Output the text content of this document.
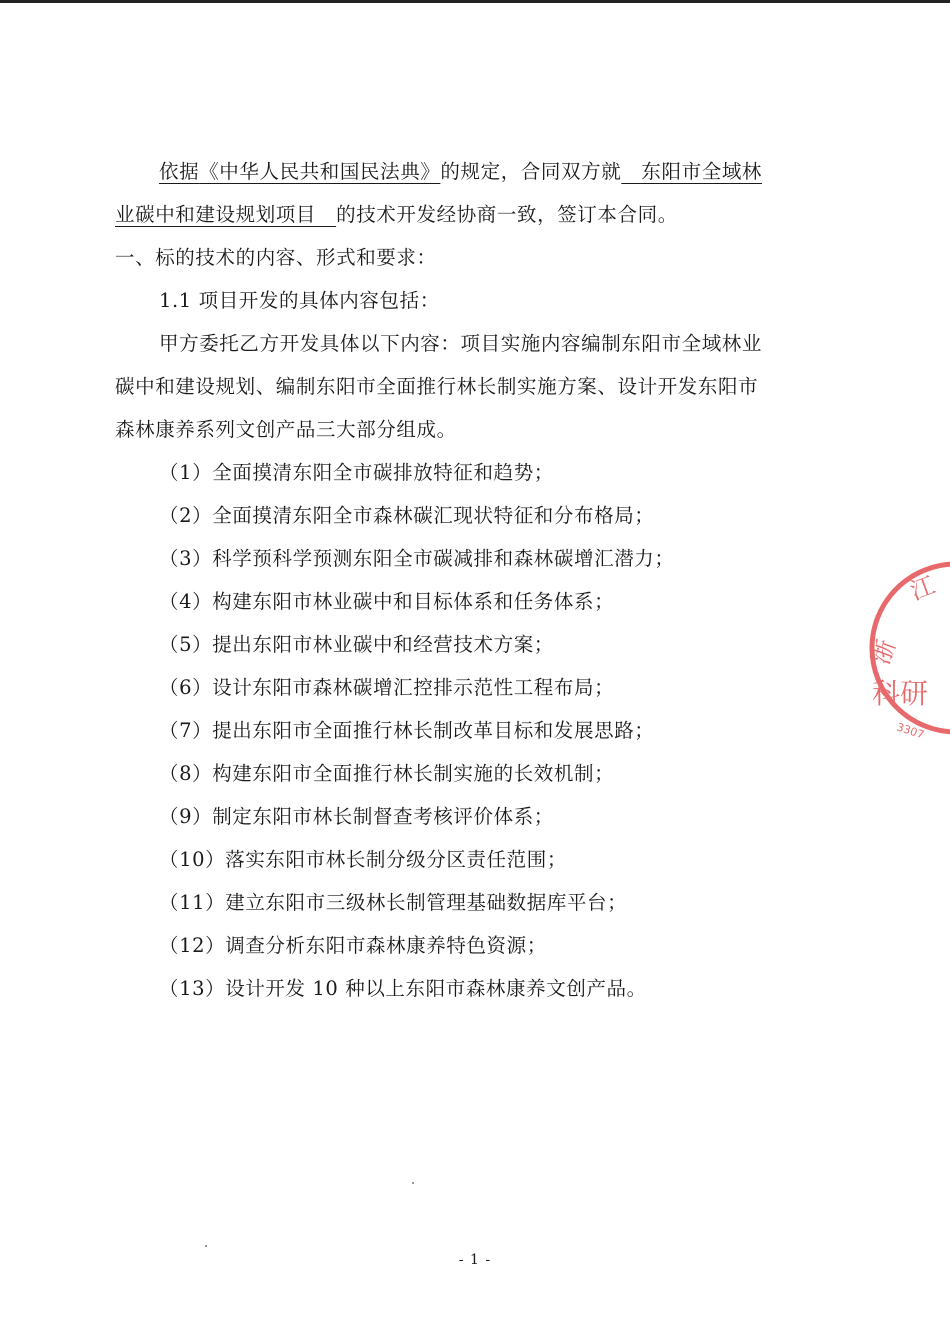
依据《中华人民共和国民法典》的规定，合同双方就　东阳市全域林
业碳中和建设规划项目　的技术开发经协商一致，签订本合同。
一、标的技术的内容、形式和要求：
1.1 项目开发的具体内容包括：
甲方委托乙方开发具体以下内容：项目实施内容编制东阳市全域林业
碳中和建设规划、编制东阳市全面推行林长制实施方案、设计开发东阳市
森林康养系列文创产品三大部分组成。
（1）全面摸清东阳全市碳排放特征和趋势；
（2）全面摸清东阳全市森林碳汇现状特征和分布格局；
（3）科学预科学预测东阳全市碳减排和森林碳增汇潜力；
（4）构建东阳市林业碳中和目标体系和任务体系；
（5）提出东阳市林业碳中和经营技术方案；
（6）设计东阳市森林碳增汇控排示范性工程布局；
（7）提出东阳市全面推行林长制改革目标和发展思路；
（8）构建东阳市全面推行林长制实施的长效机制；
（9）制定东阳市林长制督查考核评价体系；
（10）落实东阳市林长制分级分区责任范围；
（11）建立东阳市三级林长制管理基础数据库平台；
（12）调查分析东阳市森林康养特色资源；
（13）设计开发 10 种以上东阳市森林康养文创产品。
江
浙
科研
3307
- 1 -
